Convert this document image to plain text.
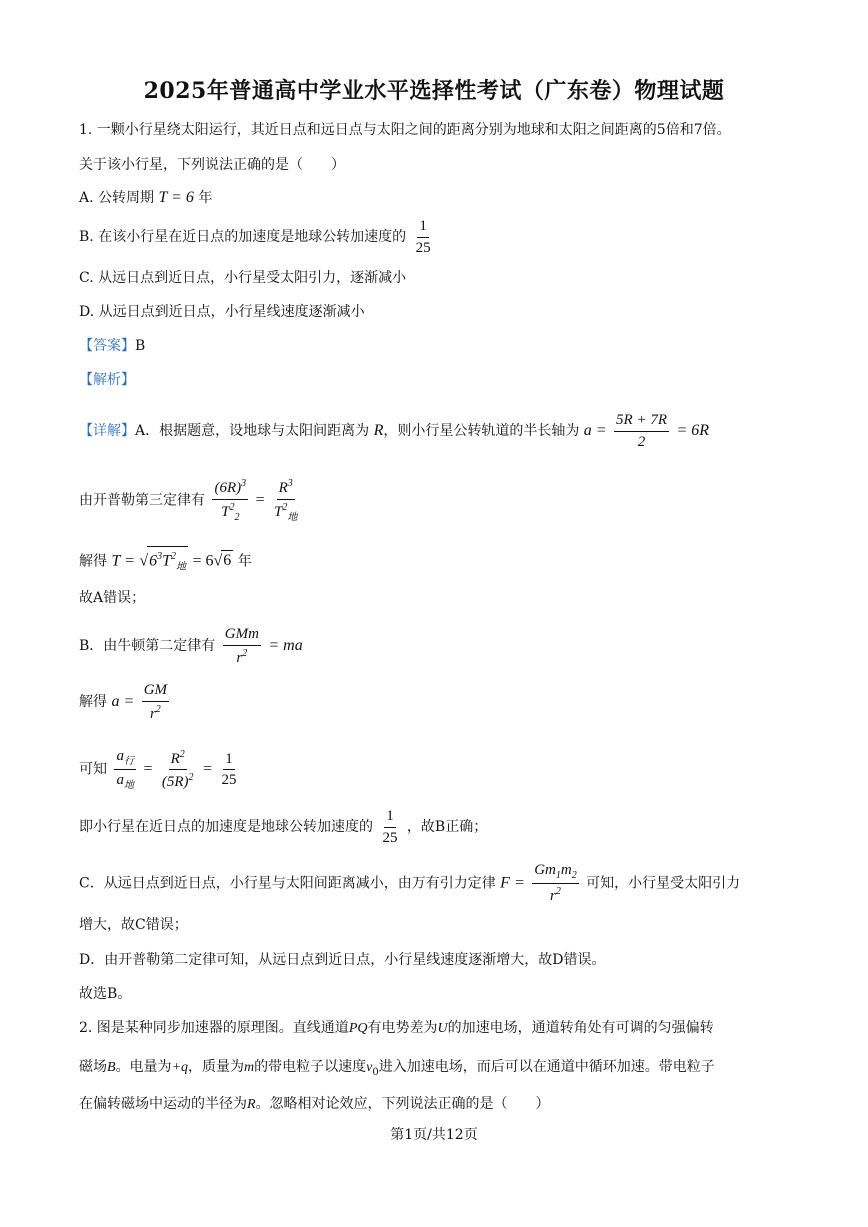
2025年普通高中学业水平选择性考试（广东卷）物理试题
1. 一颗小行星绕太阳运行，其近日点和远日点与太阳之间的距离分别为地球和太阳之间距离的5倍和7倍。
关于该小行星，下列说法正确的是（　　）
A. 公转周期 T = 6 年
B. 在该小行星在近日点的加速度是地球公转加速度的 $\frac{1}{25}$
C. 从远日点到近日点，小行星受太阳引力，逐渐减小
D. 从远日点到近日点，小行星线速度逐渐减小
【答案】B
【解析】
【详解】A．根据题意，设地球与太阳间距离为 R，则小行星公转轨道的半长轴为 $a = \frac{5R + 7R}{2} = 6R$
由开普勒第三定律有 $\frac{(6R)^3}{T^2_2} = \frac{R^3}{T^2_地}$
解得 $T = √6^3T^2_地 = 6√6$ 年
故A错误；
B．由牛顿第二定律有 $\frac{\text{GMm}}{r^2}$ = ma
解得 $a = \frac{GM}{r^2}$
可知 $\frac{a_行}{a_地} = \frac{R^2}{(5R)^2} = \frac{1}{25}$
即小行星在近日点的加速度是地球公转加速度的 $\frac{1}{25}$ ，故B正确；
C．从远日点到近日点，小行星与太阳间距离减小，由万有引力定律 $F = \frac{Gm_1m_2}{r^2}$ 可知，小行星受太阳引力
增大，故C错误；
D．由开普勒第二定律可知，从远日点到近日点，小行星线速度逐渐增大，故D错误。
故选B。
2. 图是某种同步加速器的原理图。直线通道PQ有电势差为U的加速电场，通道转角处有可调的匀强偏转
磁场B。电量为+q，质量为m的带电粒子以速度$v_0$进入加速电场，而后可以在通道中循环加速。带电粒子
在偏转磁场中运动的半径为R。忽略相对论效应，下列说法正确的是（　　）
第1页/共12页
